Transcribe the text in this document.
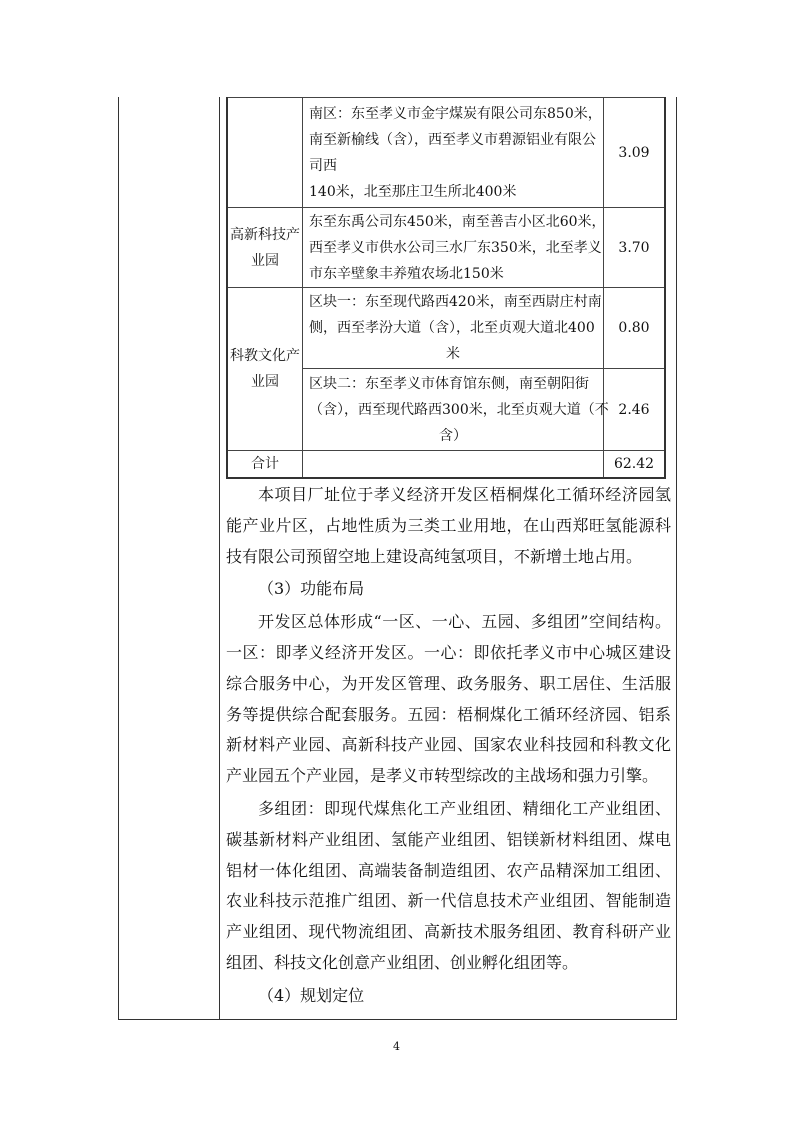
	南区：东至孝义市金宇煤炭有限公司东850米，
南至新榆线（含），西至孝义市碧源铝业有限公
司西
140米，北至那庄卫生所北400米	3.09
高新科技产业园	东至东禹公司东450米，南至善吉小区北60米，
西至孝义市供水公司三水厂东350米，北至孝义
市东辛壁象丰养殖农场北150米	3.70
科教文化产业园	区块一：东至现代路西420米，南至西尉庄村南
侧，西至孝汾大道（含），北至贞观大道北400
米	0.80

	区块二：东至孝义市体育馆东侧，南至朝阳街
（含），西至现代路西300米，北至贞观大道（不
含）	2.46
合计		62.42

本项目厂址位于孝义经济开发区梧桐煤化工循环经济园氢能产业片区，占地性质为三类工业用地，在山西郑旺氢能源科技有限公司预留空地上建设高纯氢项目，不新增土地占用。

（3）功能布局

开发区总体形成“一区、一心、五园、多组团”空间结构。一区：即孝义经济开发区。一心：即依托孝义市中心城区建设综合服务中心，为开发区管理、政务服务、职工居住、生活服务等提供综合配套服务。五园：梧桐煤化工循环经济园、铝系新材料产业园、高新科技产业园、国家农业科技园和科教文化产业园五个产业园，是孝义市转型综改的主战场和强力引擎。

多组团：即现代煤焦化工产业组团、精细化工产业组团、碳基新材料产业组团、氢能产业组团、铝镁新材料组团、煤电铝材一体化组团、高端装备制造组团、农产品精深加工组团、农业科技示范推广组团、新一代信息技术产业组团、智能制造产业组团、现代物流组团、高新技术服务组团、教育科研产业组团、科技文化创意产业组团、创业孵化组团等。

（4）规划定位

4
